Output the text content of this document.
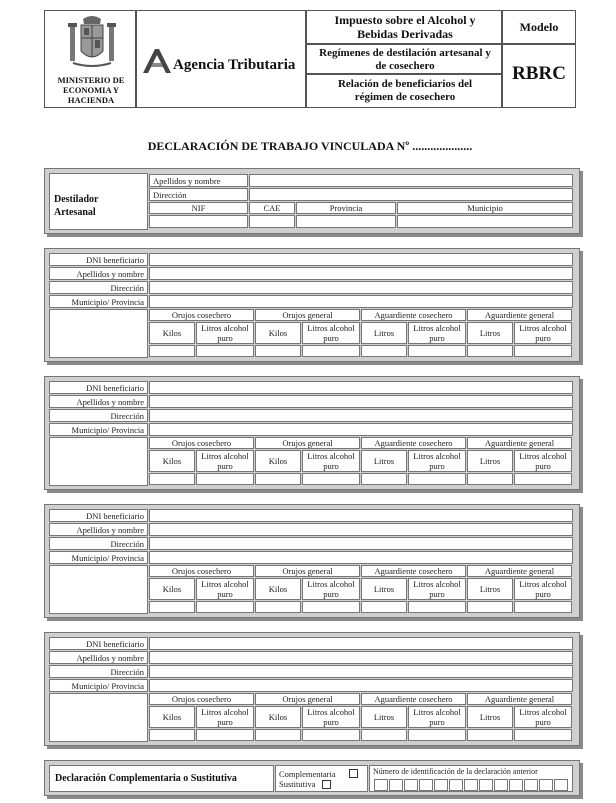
MINISTERIO DE ECONOMIA Y HACIENDA
Agencia Tributaria
Impuesto sobre el Alcohol y Bebidas Derivadas
Regímenes de destilación artesanal y de cosechero
Relación de beneficiarios del régimen de cosechero
Modelo
RBRC
DECLARACIÓN DE TRABAJO VINCULADA Nº ....................
Destilador Artesanal
Apellidos y nombre
Dirección
NIF	CAE	Provincia	Municipio
DNI beneficiario
Apellidos y nombre
Dirección
Municipio/ Provincia
Orujos cosechero
Kilos	Litros alcohol puro
Orujos general
Kilos	Litros alcohol puro
Aguardiente cosechero
Litros	Litros alcohol puro
Aguardiente general
Litros	Litros alcohol puro
DNI beneficiario
Apellidos y nombre
Dirección
Municipio/ Provincia
Orujos cosechero
Kilos	Litros alcohol puro
Orujos general
Kilos	Litros alcohol puro
Aguardiente cosechero
Litros	Litros alcohol puro
Aguardiente general
Litros	Litros alcohol puro
DNI beneficiario
Apellidos y nombre
Dirección
Municipio/ Provincia
Orujos cosechero
Kilos	Litros alcohol puro
Orujos general
Kilos	Litros alcohol puro
Aguardiente cosechero
Litros	Litros alcohol puro
Aguardiente general
Litros	Litros alcohol puro
DNI beneficiario
Apellidos y nombre
Dirección
Municipio/ Provincia
Orujos cosechero
Kilos	Litros alcohol puro
Orujos general
Kilos	Litros alcohol puro
Aguardiente cosechero
Litros	Litros alcohol puro
Aguardiente general
Litros	Litros alcohol puro
Declaración Complementaria o Sustitutiva	Complementaria
Sustitutiva
Número de identificación de la declaración anterior
